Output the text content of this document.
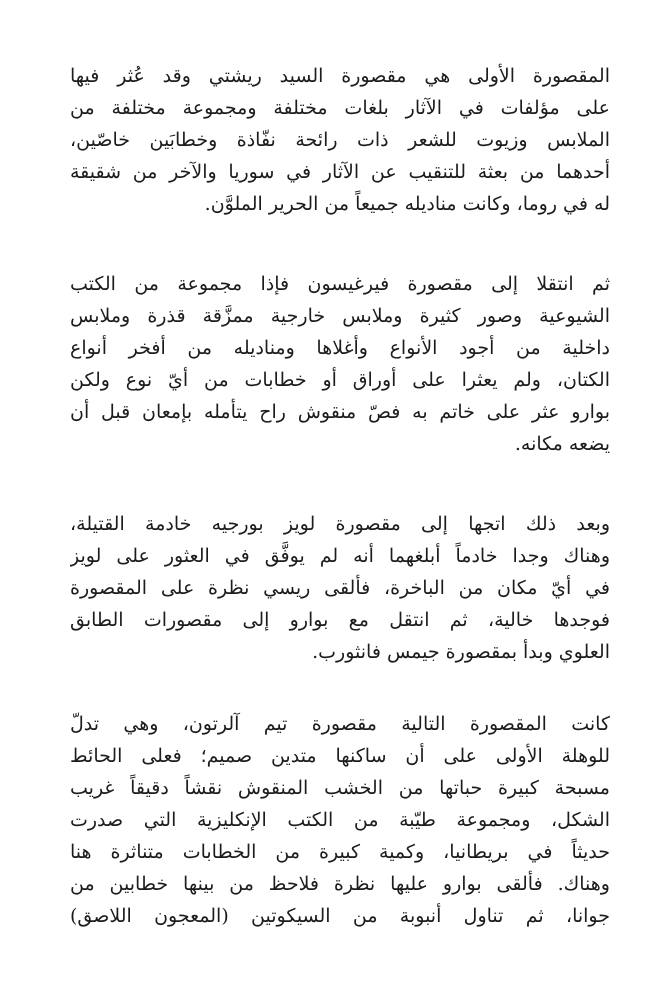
المقصورة الأولى هي مقصورة السيد ريشتي وقد عُثر فيها
على مؤلفات في الآثار بلغات مختلفة ومجموعة مختلفة من
الملابس وزيوت للشعر ذات رائحة نفّاذة وخطابَين خاصّين،
أحدهما من بعثة للتنقيب عن الآثار في سوريا والآخر من شقيقة
له في روما، وكانت مناديله جميعاً من الحرير الملوَّن.
ثم انتقلا إلى مقصورة فيرغيسون فإذا مجموعة من الكتب
الشيوعية وصور كثيرة وملابس خارجية ممزَّقة قذرة وملابس
داخلية من أجود الأنواع وأغلاها ومناديله من أفخر أنواع
الكتان، ولم يعثرا على أوراق أو خطابات من أيّ نوع ولكن
بوارو عثر على خاتم به فصّ منقوش راح يتأمله بإمعان قبل أن
يضعه مكانه.
وبعد ذلك اتجها إلى مقصورة لويز بورجيه خادمة القتيلة،
وهناك وجدا خادماً أبلغهما أنه لم يوفَّق في العثور على لويز
في أيّ مكان من الباخرة، فألقى ريسي نظرة على المقصورة
فوجدها خالية، ثم انتقل مع بوارو إلى مقصورات الطابق
العلوي وبدأ بمقصورة جيمس فانثورب.
كانت المقصورة التالية مقصورة تيم آلرتون، وهي تدلّ
للوهلة الأولى على أن ساكنها متدين صميم؛ فعلى الحائط
مسبحة كبيرة حباتها من الخشب المنقوش نقشاً دقيقاً غريب
الشكل، ومجموعة طيّبة من الكتب الإنكليزية التي صدرت
حديثاً في بريطانيا، وكمية كبيرة من الخطابات متناثرة هنا
وهناك. فألقى بوارو عليها نظرة فلاحظ من بينها خطابين من
جوانا، ثم تناول أنبوبة من السيكوتين (المعجون اللاصق)
